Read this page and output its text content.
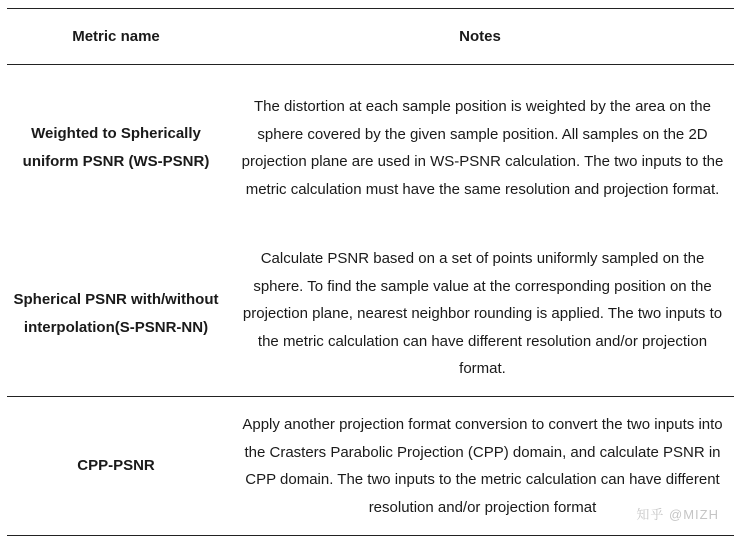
Metric name	Notes
Weighted to Spherically uniform PSNR (WS-PSNR)
The distortion at each sample position is weighted by the area on the sphere covered by the given sample position. All samples on the 2D projection plane are used in WS-PSNR calculation. The two inputs to the metric calculation must have the same resolution and projection format.
Spherical PSNR with/without interpolation(S-PSNR-NN)
Calculate PSNR based on a set of points uniformly sampled on the sphere. To find the sample value at the corresponding position on the projection plane, nearest neighbor rounding is applied. The two inputs to the metric calculation can have different resolution and/or projection format.
CPP-PSNR
Apply another projection format conversion to convert the two inputs into the Crasters Parabolic Projection (CPP) domain, and calculate PSNR in CPP domain. The two inputs to the metric calculation can have different resolution and/or projection format	知乎 @MIZH
